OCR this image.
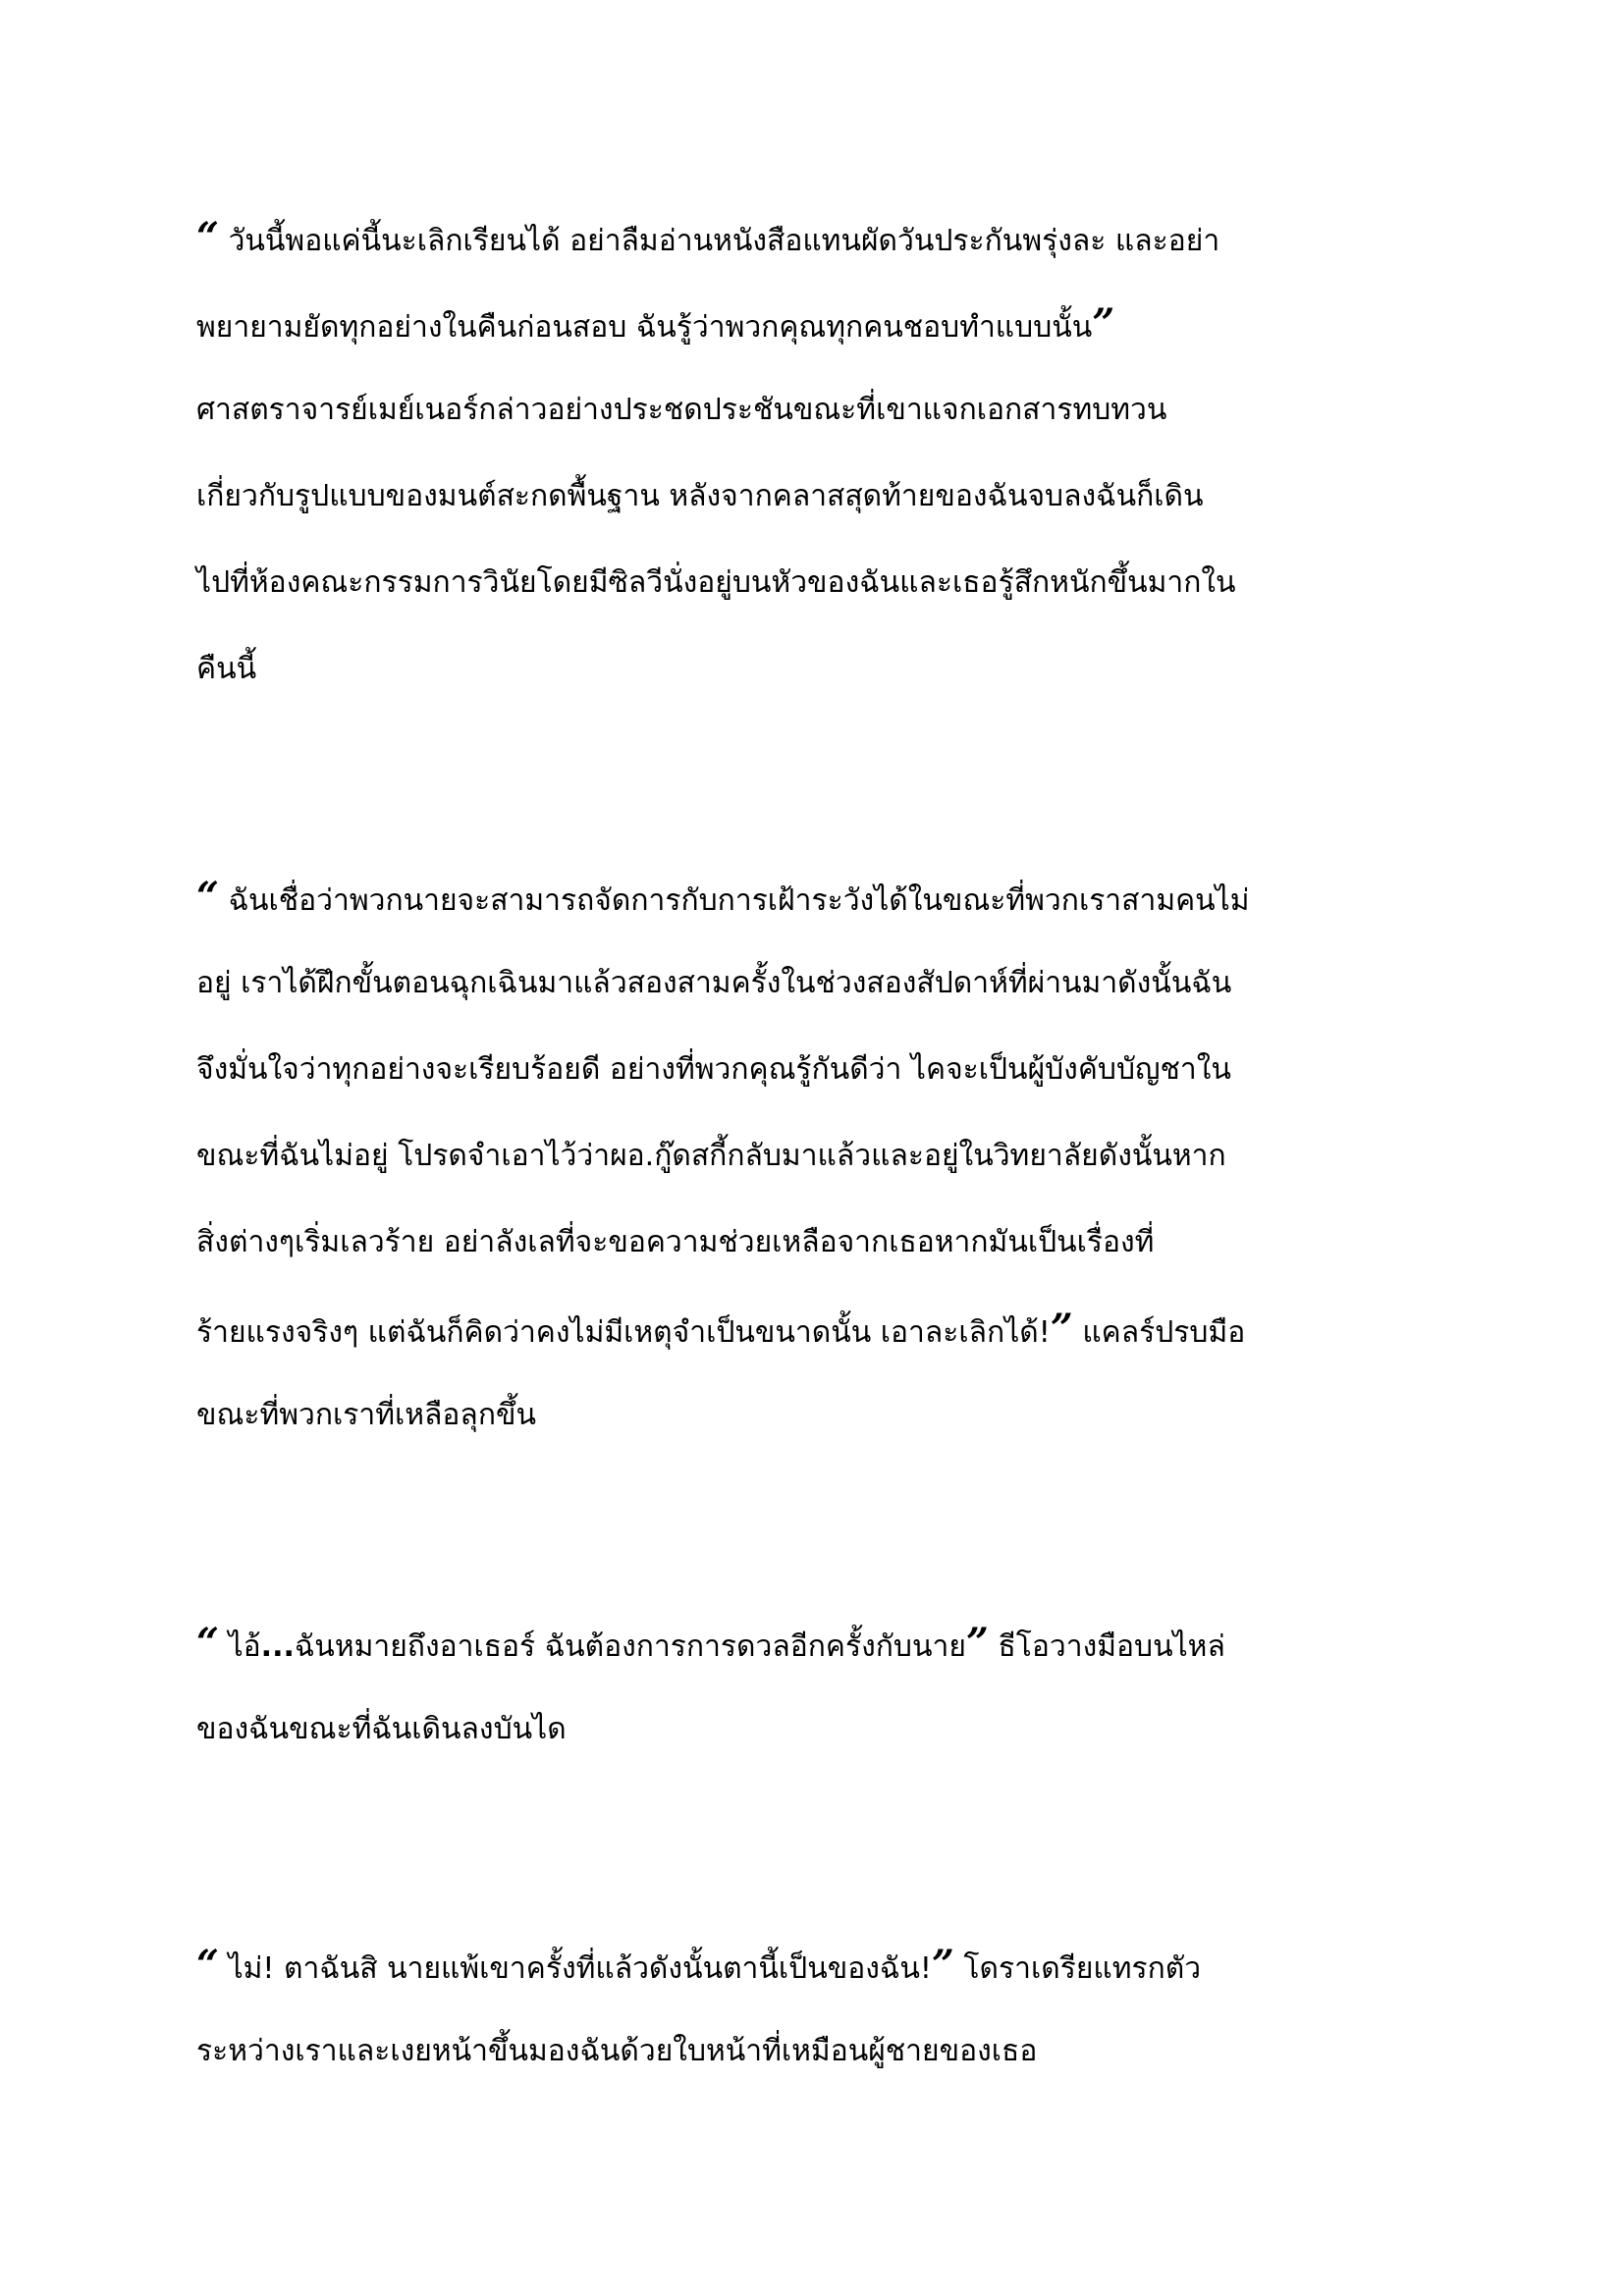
“ วันนี้พอแค่นี้นะเลิกเรียนได้ อย่าลืมอ่านหนังสือแทนผัดวันประกันพรุ่งละ และอย่า
พยายามยัดทุกอย่างในคืนก่อนสอบ ฉันรู้ว่าพวกคุณทุกคนชอบทำแบบนั้น”
ศาสตราจารย์เมย์เนอร์กล่าวอย่างประชดประชันขณะที่เขาแจกเอกสารทบทวน
เกี่ยวกับรูปแบบของมนต์สะกดพื้นฐาน หลังจากคลาสสุดท้ายของฉันจบลงฉันก็เดิน
ไปที่ห้องคณะกรรมการวินัยโดยมีซิลวีนั่งอยู่บนหัวของฉันและเธอรู้สึกหนักขึ้นมากใน
คืนนี้
“ ฉันเชื่อว่าพวกนายจะสามารถจัดการกับการเฝ้าระวังได้ในขณะที่พวกเราสามคนไม่
อยู่ เราได้ฝึกขั้นตอนฉุกเฉินมาแล้วสองสามครั้งในช่วงสองสัปดาห์ที่ผ่านมาดังนั้นฉัน
จึงมั่นใจว่าทุกอย่างจะเรียบร้อยดี อย่างที่พวกคุณรู้กันดีว่า ไคจะเป็นผู้บังคับบัญชาใน
ขณะที่ฉันไม่อยู่ โปรดจำเอาไว้ว่าผอ.กู๊ดสกี้กลับมาแล้วและอยู่ในวิทยาลัยดังนั้นหาก
สิ่งต่างๆเริ่มเลวร้าย อย่าลังเลที่จะขอความช่วยเหลือจากเธอหากมันเป็นเรื่องที่
ร้ายแรงจริงๆ แต่ฉันก็คิดว่าคงไม่มีเหตุจำเป็นขนาดนั้น เอาละเลิกได้!” แคลร์ปรบมือ
ขณะที่พวกเราที่เหลือลุกขึ้น
“ ไอ้...ฉันหมายถึงอาเธอร์ ฉันต้องการการดวลอีกครั้งกับนาย” ธีโอวางมือบนไหล่
ของฉันขณะที่ฉันเดินลงบันได
“ ไม่! ตาฉันสิ นายแพ้เขาครั้งที่แล้วดังนั้นตานี้เป็นของฉัน!” โดราเดรียแทรกตัว
ระหว่างเราและเงยหน้าขึ้นมองฉันด้วยใบหน้าที่เหมือนผู้ชายของเธอ
